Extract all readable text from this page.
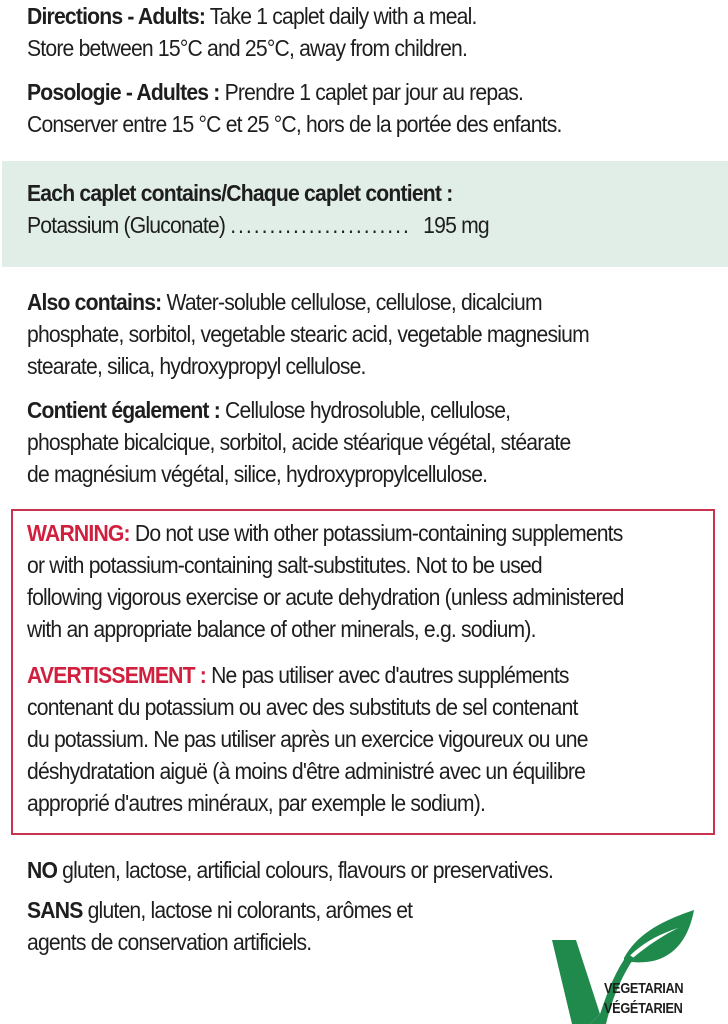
Directions - Adults: Take 1 caplet daily with a meal.
Store between 15°C and 25°C, away from children.
Posologie - Adultes : Prendre 1 caplet par jour au repas.
Conserver entre 15 °C et 25 °C, hors de la portée des enfants.
Each caplet contains/Chaque caplet contient :
Potassium (Gluconate) ....................... 195 mg
Also contains: Water-soluble cellulose, cellulose, dicalcium
phosphate, sorbitol, vegetable stearic acid, vegetable magnesium
stearate, silica, hydroxypropyl cellulose.
Contient également : Cellulose hydrosoluble, cellulose,
phosphate bicalcique, sorbitol, acide stéarique végétal, stéarate
de magnésium végétal, silice, hydroxypropylcellulose.
WARNING: Do not use with other potassium-containing supplements
or with potassium-containing salt-substitutes. Not to be used
following vigorous exercise or acute dehydration (unless administered
with an appropriate balance of other minerals, e.g. sodium).
AVERTISSEMENT : Ne pas utiliser avec d'autres suppléments
contenant du potassium ou avec des substituts de sel contenant
du potassium. Ne pas utiliser après un exercice vigoureux ou une
déshydratation aiguë (à moins d'être administré avec un équilibre
approprié d'autres minéraux, par exemple le sodium).
NO gluten, lactose, artificial colours, flavours or preservatives.
SANS gluten, lactose ni colorants, arômes et
agents de conservation artificiels.
VEGETARIAN
VÉGÉTARIEN
